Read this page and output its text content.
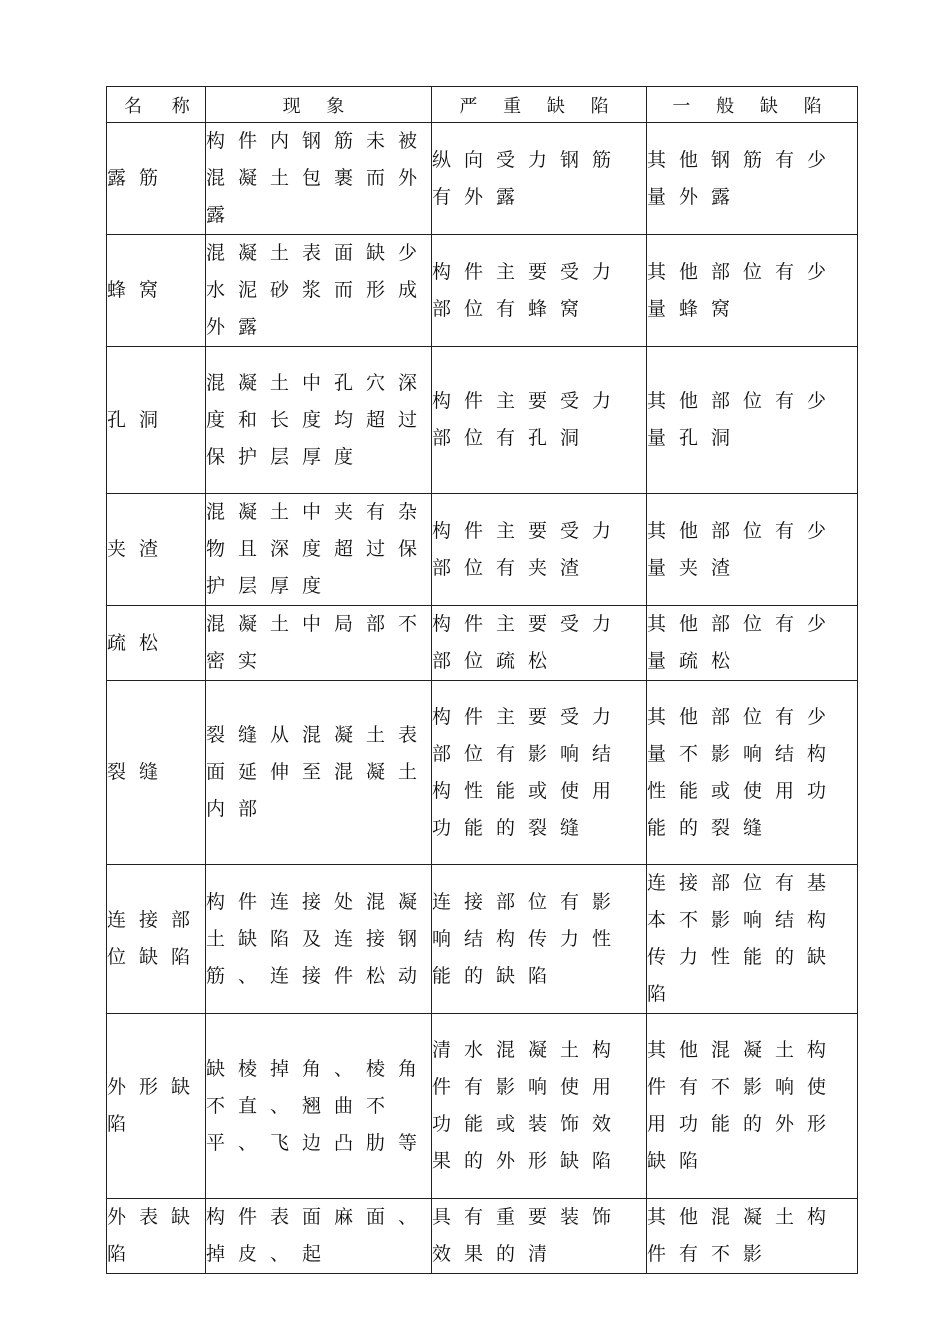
名 称	现 象	严 重 缺 陷	一 般 缺 陷
露筋	构件内钢筋未被混凝土包裹而外露	纵向受力钢筋有外露	其他钢筋有少量外露
蜂窝	混凝土表面缺少水泥砂浆而形成外露	构件主要受力部位有蜂窝	其他部位有少量蜂窝
孔洞	混凝土中孔穴深度和长度均超过保护层厚度	构件主要受力部位有孔洞	其他部位有少量孔洞
夹渣	混凝土中夹有杂物且深度超过保护层厚度	构件主要受力部位有夹渣	其他部位有少量夹渣
疏松	混凝土中局部不密实	构件主要受力部位疏松	其他部位有少量疏松
裂缝	裂缝从混凝土表面延伸至混凝土内部	构件主要受力部位有影响结构性能或使用功能的裂缝	其他部位有少量不影响结构性能或使用功能的裂缝
连接部位缺陷	构件连接处混凝土缺陷及连接钢筋、连接件松动	连接部位有影响结构传力性能的缺陷	连接部位有基本不影响结构传力性能的缺陷
外形缺陷	缺棱掉角、棱角不直、翘曲不平、飞边凸肋等	清水混凝土构件有影响使用功能或装饰效果的外形缺陷	其他混凝土构件有不影响使用功能的外形缺陷
外表缺陷	构件表面麻面、掉皮、起	具有重要装饰效果的清	其他混凝土构件有不影
